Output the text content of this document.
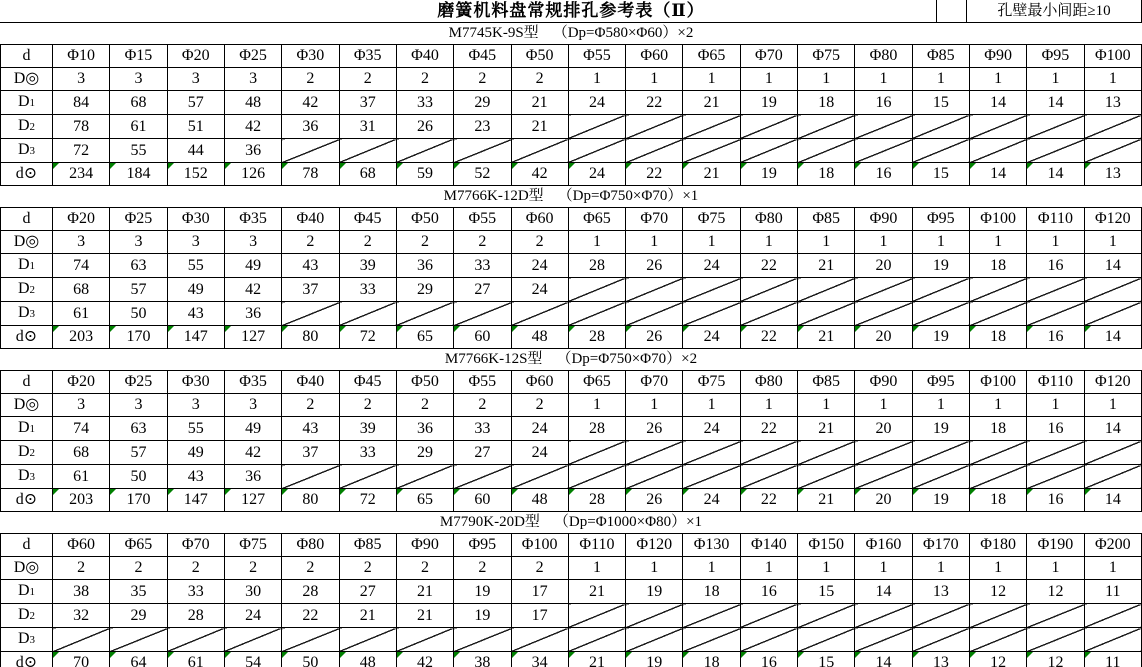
磨簧机料盘常规排孔参考表（Ⅱ）	孔壁最小间距≥10
M7745K-9S型 （Dp=Φ580×Φ60）×2
d	Φ10	Φ15	Φ20	Φ25	Φ30	Φ35	Φ40	Φ45	Φ50	Φ55	Φ60	Φ65	Φ70	Φ75	Φ80	Φ85	Φ90	Φ95	Φ100
D◎	3	3	3	3	2	2	2	2	2	1	1	1	1	1	1	1	1	1	1
D1	84	68	57	48	42	37	33	29	21	24	22	21	19	18	16	15	14	14	13
D2	78	61	51	42	36	31	26	23	21										
D3	72	55	44	36															
d⊙	234	184	152	126	78	68	59	52	42	24	22	21	19	18	16	15	14	14	13
M7766K-12D型 （Dp=Φ750×Φ70）×1
d	Φ20	Φ25	Φ30	Φ35	Φ40	Φ45	Φ50	Φ55	Φ60	Φ65	Φ70	Φ75	Φ80	Φ85	Φ90	Φ95	Φ100	Φ110	Φ120
D◎	3	3	3	3	2	2	2	2	2	1	1	1	1	1	1	1	1	1	1
D1	74	63	55	49	43	39	36	33	24	28	26	24	22	21	20	19	18	16	14
D2	68	57	49	42	37	33	29	27	24										
D3	61	50	43	36															
d⊙	203	170	147	127	80	72	65	60	48	28	26	24	22	21	20	19	18	16	14
M7766K-12S型 （Dp=Φ750×Φ70）×2
d	Φ20	Φ25	Φ30	Φ35	Φ40	Φ45	Φ50	Φ55	Φ60	Φ65	Φ70	Φ75	Φ80	Φ85	Φ90	Φ95	Φ100	Φ110	Φ120
D◎	3	3	3	3	2	2	2	2	2	1	1	1	1	1	1	1	1	1	1
D1	74	63	55	49	43	39	36	33	24	28	26	24	22	21	20	19	18	16	14
D2	68	57	49	42	37	33	29	27	24										
D3	61	50	43	36															
d⊙	203	170	147	127	80	72	65	60	48	28	26	24	22	21	20	19	18	16	14
M7790K-20D型 （Dp=Φ1000×Φ80）×1
d	Φ60	Φ65	Φ70	Φ75	Φ80	Φ85	Φ90	Φ95	Φ100	Φ110	Φ120	Φ130	Φ140	Φ150	Φ160	Φ170	Φ180	Φ190	Φ200
D◎	2	2	2	2	2	2	2	2	2	1	1	1	1	1	1	1	1	1	1
D1	38	35	33	30	28	27	21	19	17	21	19	18	16	15	14	13	12	12	11
D2	32	29	28	24	22	21	21	19	17										
D3																			
d⊙	70	64	61	54	50	48	42	38	34	21	19	18	16	15	14	13	12	12	11
